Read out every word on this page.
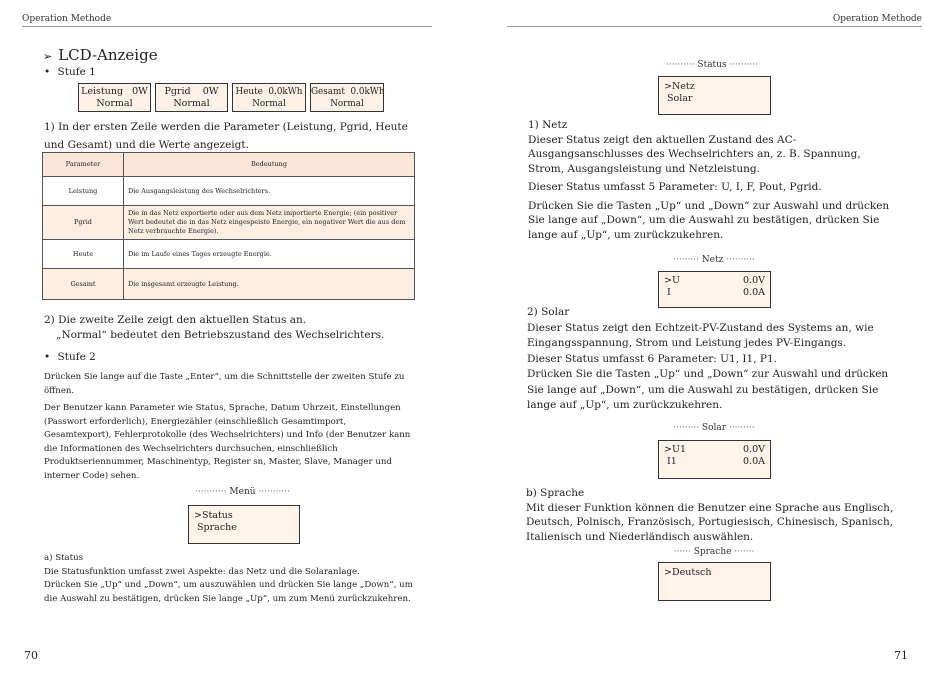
Operation Methode
➢ LCD-Anzeige
• Stufe 1
Leistung   0W
Normal
Pgrid    0W
Normal
Heute  0.0kWh
Normal
Gesamt  0.0kWh
Normal
1) In der ersten Zeile werden die Parameter (Leistung, Pgrid, Heute
und Gesamt) und die Werte angezeigt.
Parameter	Bedeutung
Leistung	Die Ausgangsleistung des Wechselrichters.
Pgrid	Die in das Netz exportierte oder aus dem Netz importierte Energie; (ein positiver Wert bedeutet die in das Netz eingespeiste Energie, ein negativer Wert die aus dem Netz verbrauchte Energie).
Heute	Die im Laufe eines Tages erzeugte Energie.
Gesamt	Die insgesamt erzeugte Leistung.
2) Die zweite Zeile zeigt den aktuellen Status an.
„Normal“ bedeutet den Betriebszustand des Wechselrichters.
• Stufe 2
Drücken Sie lange auf die Taste „Enter“, um die Schnittstelle der zweiten Stufe zu öffnen.
Der Benutzer kann Parameter wie Status, Sprache, Datum Uhrzeit, Einstellungen (Passwort erforderlich), Energiezähler (einschließlich Gesamtimport, Gesamtexport), Fehlerprotokolle (des Wechselrichters) und Info (der Benutzer kann die Informationen des Wechselrichters durchsuchen, einschließlich Produktseriennummer, Maschinentyp, Register sn, Master, Slave, Manager und interner Code) sehen.
··········· Menü ···········
>Status
Sprache
a) Status
Die Statusfunktion umfasst zwei Aspekte: das Netz und die Solaranlage.
Drücken Sie „Up“ und „Down“, um auszuwählen und drücken Sie lange „Down“, um die Auswahl zu bestätigen, drücken Sie lange „Up“, um zum Menü zurückzukehren.
70
Operation Methode
·········· Status ··········
>Netz
Solar
1) Netz
Dieser Status zeigt den aktuellen Zustand des AC-Ausgangsanschlusses des Wechselrichters an, z. B. Spannung, Strom, Ausgangsleistung und Netzleistung.
Dieser Status umfasst 5 Parameter: U, I, F, Pout, Pgrid.
Drücken Sie die Tasten „Up“ und „Down“ zur Auswahl und drücken Sie lange auf „Down“, um die Auswahl zu bestätigen, drücken Sie lange auf „Up“, um zurückzukehren.
········· Netz ··········
>U	0.0V
I	0.0A
2) Solar
Dieser Status zeigt den Echtzeit-PV-Zustand des Systems an, wie Eingangsspannung, Strom und Leistung jedes PV-Eingangs.
Dieser Status umfasst 6 Parameter: U1, I1, P1.
Drücken Sie die Tasten „Up“ und „Down“ zur Auswahl und drücken Sie lange auf „Down“, um die Auswahl zu bestätigen, drücken Sie lange auf „Up“, um zurückzukehren.
········· Solar ·········
>U1	0.0V
I1	0.0A
b) Sprache
Mit dieser Funktion können die Benutzer eine Sprache aus Englisch, Deutsch, Polnisch, Französisch, Portugiesisch, Chinesisch, Spanisch, Italienisch und Niederländisch auswählen.
······ Sprache ·······
>Deutsch
71
